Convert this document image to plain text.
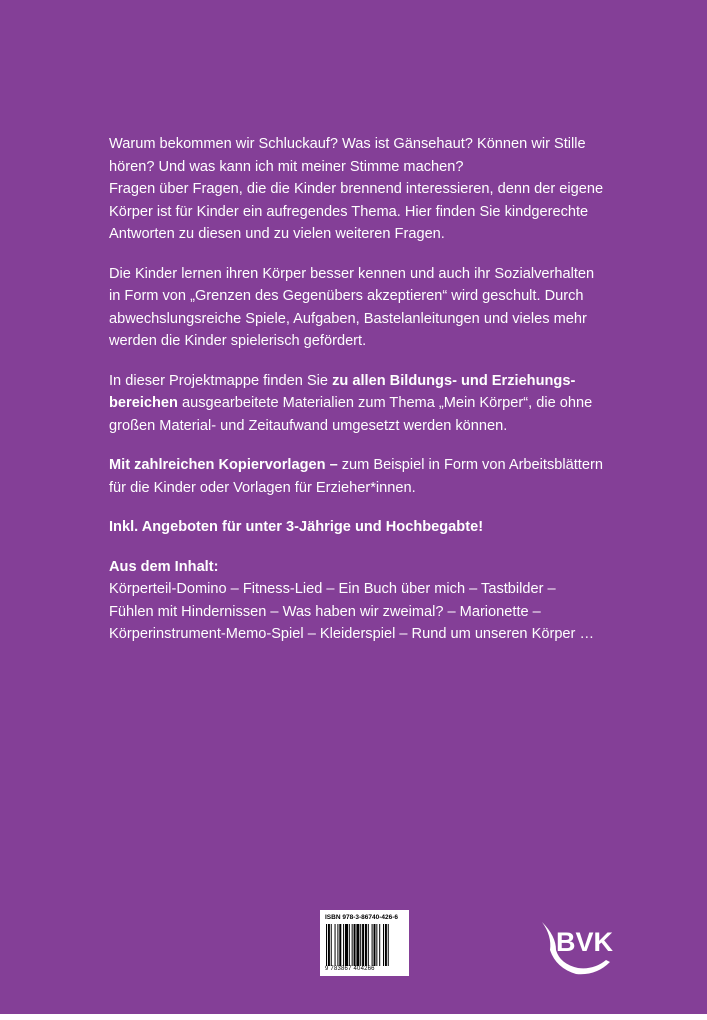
Warum bekommen wir Schluckauf? Was ist Gänsehaut? Können wir Stille
hören? Und was kann ich mit meiner Stimme machen?
Fragen über Fragen, die die Kinder brennend interessieren, denn der eigene
Körper ist für Kinder ein aufregendes Thema. Hier finden Sie kindgerechte
Antworten zu diesen und zu vielen weiteren Fragen.

Die Kinder lernen ihren Körper besser kennen und auch ihr Sozialverhalten
in Form von „Grenzen des Gegenübers akzeptieren“ wird geschult. Durch
abwechslungsreiche Spiele, Aufgaben, Bastelanleitungen und vieles mehr
werden die Kinder spielerisch gefördert.

In dieser Projektmappe finden Sie zu allen Bildungs- und Erziehungs-
bereichen ausgearbeitete Materialien zum Thema „Mein Körper“, die ohne
großen Material- und Zeitaufwand umgesetzt werden können.

Mit zahlreichen Kopiervorlagen – zum Beispiel in Form von Arbeitsblättern
für die Kinder oder Vorlagen für Erzieher*innen.

Inkl. Angeboten für unter 3-Jährige und Hochbegabte!

Aus dem Inhalt:
Körperteil-Domino – Fitness-Lied – Ein Buch über mich – Tastbilder –
Fühlen mit Hindernissen – Was haben wir zweimal? – Marionette –
Körperinstrument-Memo-Spiel – Kleiderspiel – Rund um unseren Körper …

ISBN 978-3-86740-426-6
9 783867 404266
BVK
